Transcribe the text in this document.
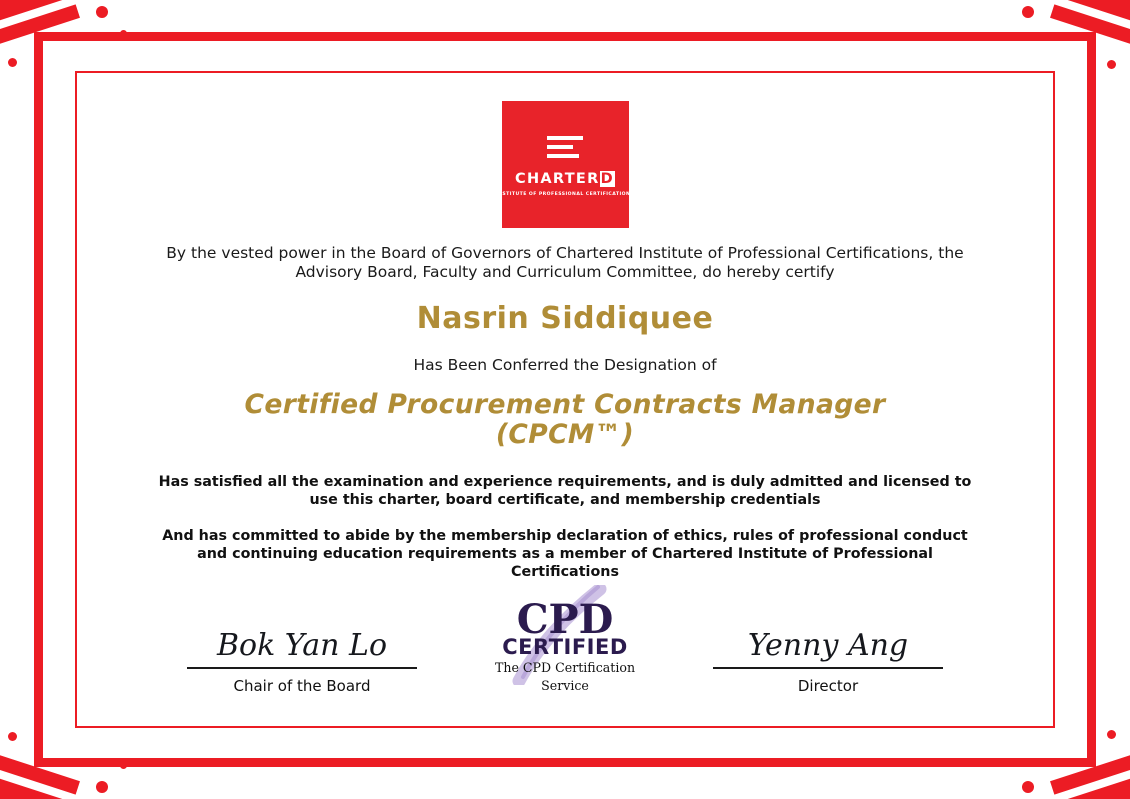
CHARTERD
INSTITUTE OF PROFESSIONAL CERTIFICATIONS
By the vested power in the Board of Governors of Chartered Institute of Professional Certifications, the Advisory Board, Faculty and Curriculum Committee, do hereby certify
Nasrin Siddiquee
Has Been Conferred the Designation of
Certified Procurement Contracts Manager (CPCM™)
Has satisfied all the examination and experience requirements, and is duly admitted and licensed to use this charter, board certificate, and membership credentials
And has committed to abide by the membership declaration of ethics, rules of professional conduct and continuing education requirements as a member of Chartered Institute of Professional Certifications
Bok Yan Lo
Chair of the Board
CPD
CERTIFIED
The CPD Certification
Service
Yenny Ang
Director
